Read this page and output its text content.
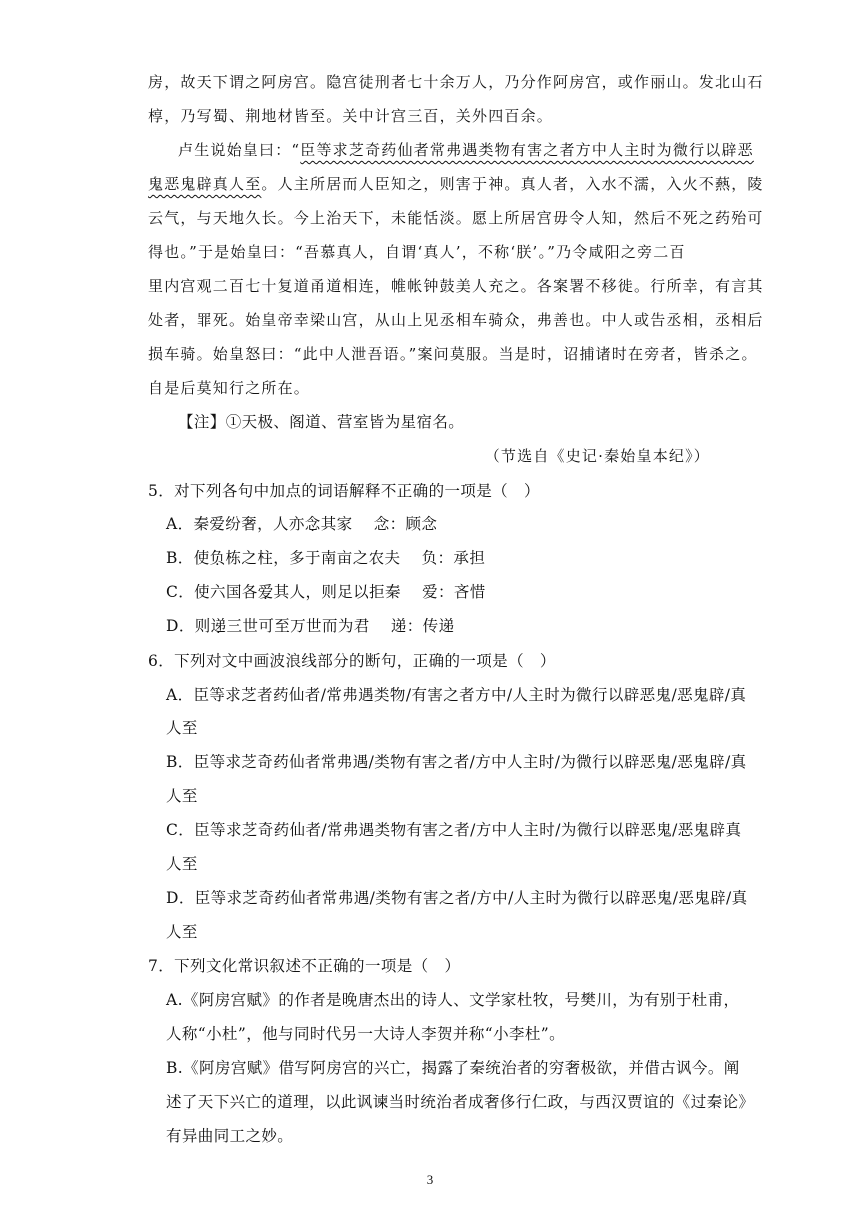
房，故天下谓之阿房宫。隐宫徒刑者七十余万人，乃分作阿房宫，或作丽山。发北山石
椁，乃写蜀、荆地材皆至。关中计宫三百，关外四百余。
卢生说始皇曰：“臣等求芝奇药仙者常弗遇类物有害之者方中人主时为微行以辟恶
鬼恶鬼辟真人至。人主所居而人臣知之，则害于神。真人者，入水不濡，入火不爇，陵
云气，与天地久长。今上治天下，未能恬淡。愿上所居宫毋令人知，然后不死之药殆可
得也。”于是始皇曰：“吾慕真人，自谓‘真人’，不称‘朕’。”乃令咸阳之旁二百
里内宫观二百七十复道甬道相连，帷帐钟鼓美人充之。各案署不移徙。行所幸，有言其
处者，罪死。始皇帝幸梁山宫，从山上见丞相车骑众，弗善也。中人或告丞相，丞相后
损车骑。始皇怒曰：“此中人泄吾语。”案问莫服。当是时，诏捕诸时在旁者，皆杀之。
自是后莫知行之所在。
【注】①天极、阁道、营室皆为星宿名。
（节选自《史记·秦始皇本纪》）
5．对下列各句中加点的词语解释不正确的一项是（　）
A．秦爱纷奢，人亦念其家　 念：顾念
B．使负栋之柱，多于南亩之农夫　 负：承担
C．使六国各爱其人，则足以拒秦　 爱：吝惜
D．则递三世可至万世而为君　 递：传递
6．下列对文中画波浪线部分的断句，正确的一项是（　）
A．臣等求芝者药仙者/常弗遇类物/有害之者方中/人主时为微行以辟恶鬼/恶鬼辟/真
人至
B．臣等求芝奇药仙者常弗遇/类物有害之者/方中人主时/为微行以辟恶鬼/恶鬼辟/真
人至
C．臣等求芝奇药仙者/常弗遇类物有害之者/方中人主时/为微行以辟恶鬼/恶鬼辟真
人至
D．臣等求芝奇药仙者常弗遇/类物有害之者/方中/人主时为微行以辟恶鬼/恶鬼辟/真
人至
7．下列文化常识叙述不正确的一项是（　）
A.《阿房宫赋》的作者是晚唐杰出的诗人、文学家杜牧，号樊川，为有别于杜甫，
人称“小杜”，他与同时代另一大诗人李贺并称“小李杜”。
B.《阿房宫赋》借写阿房宫的兴亡，揭露了秦统治者的穷奢极欲，并借古讽今。阐
述了天下兴亡的道理，以此讽谏当时统治者成奢侈行仁政，与西汉贾谊的《过秦论》
有异曲同工之妙。
3
